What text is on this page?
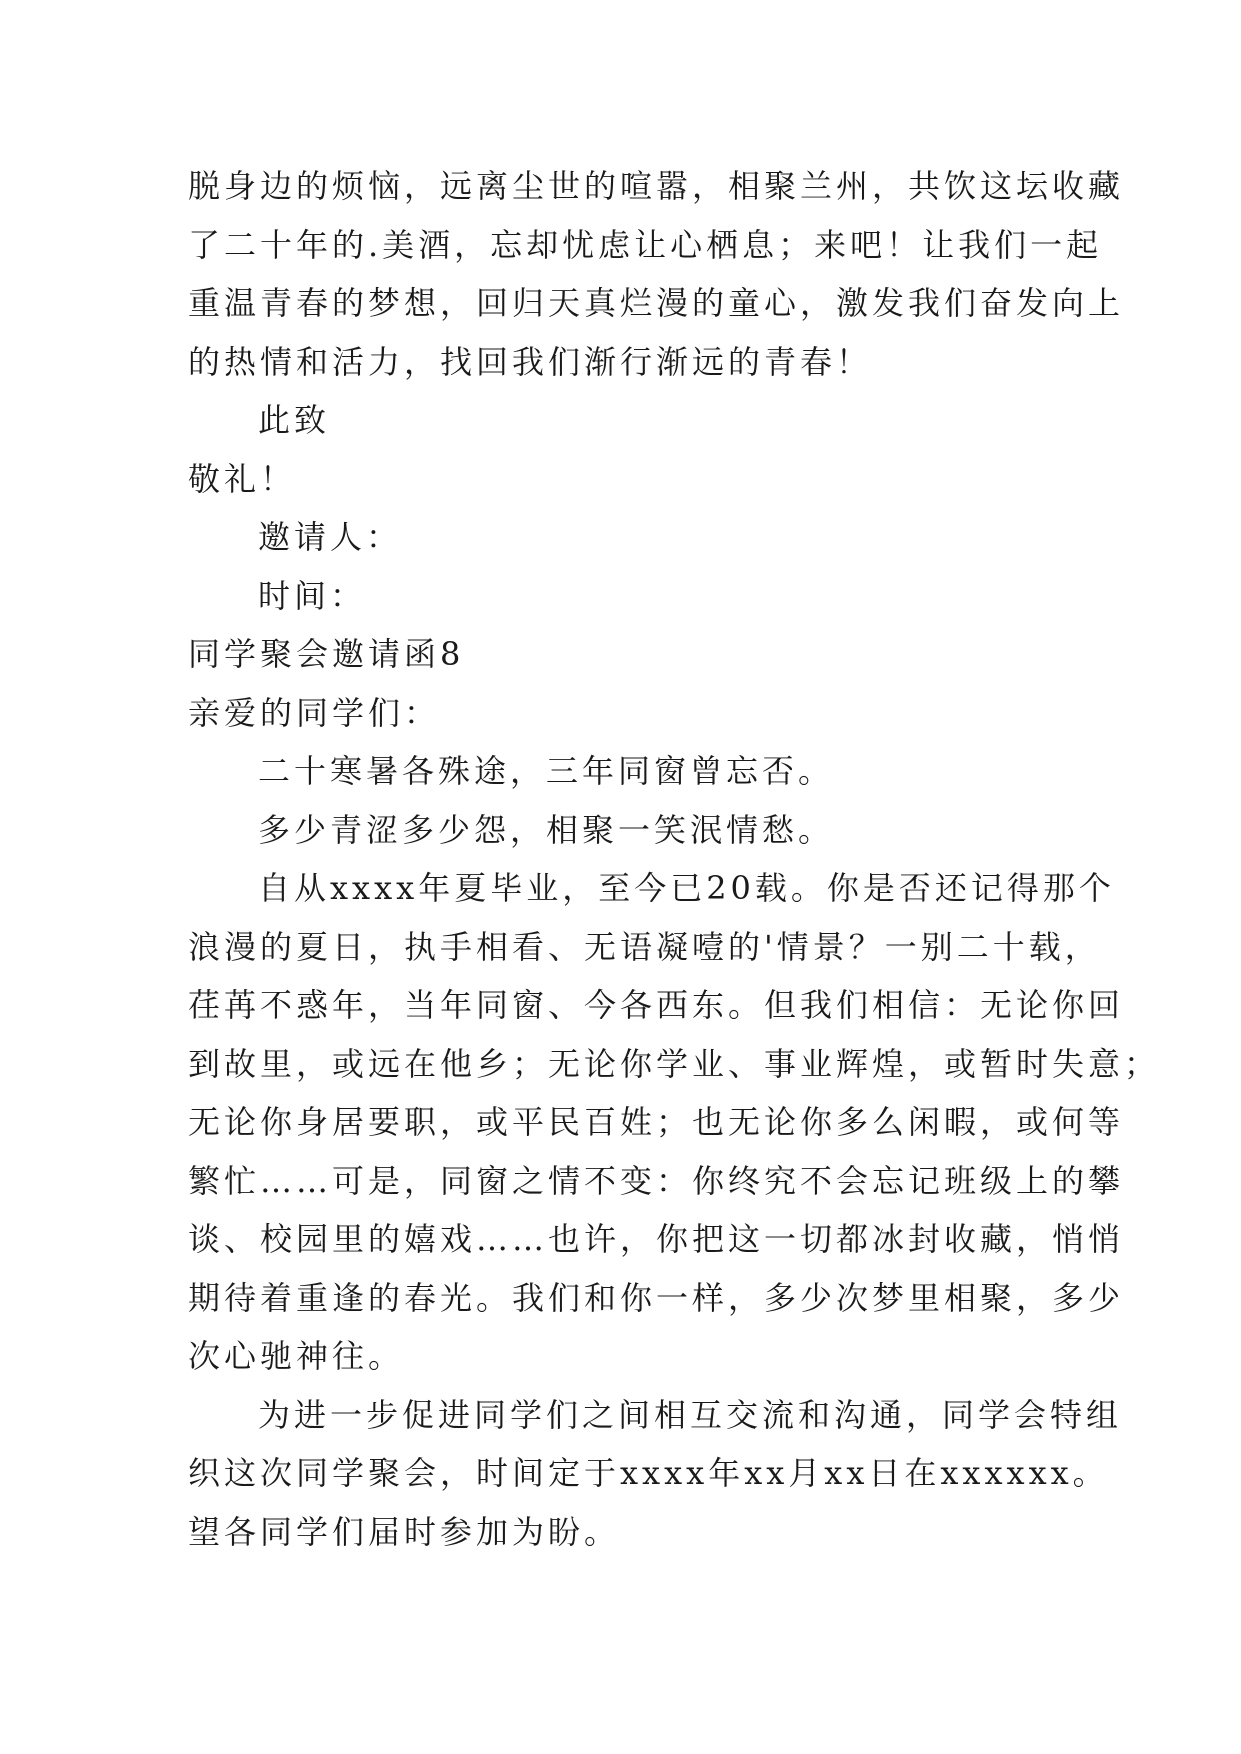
脱身边的烦恼，远离尘世的喧嚣，相聚兰州，共饮这坛收藏
了二十年的.美酒，忘却忧虑让心栖息；来吧！让我们一起
重温青春的梦想，回归天真烂漫的童心，激发我们奋发向上
的热情和活力，找回我们渐行渐远的青春！
此致
敬礼！
邀请人：
时间：
同学聚会邀请函8
亲爱的同学们：
二十寒暑各殊途，三年同窗曾忘否。
多少青涩多少怨，相聚一笑泯情愁。
自从xxxx年夏毕业，至今已20载。你是否还记得那个
浪漫的夏日，执手相看、无语凝噎的'情景？一别二十载，
荏苒不惑年，当年同窗、今各西东。但我们相信：无论你回
到故里，或远在他乡；无论你学业、事业辉煌，或暂时失意；
无论你身居要职，或平民百姓；也无论你多么闲暇，或何等
繁忙……可是，同窗之情不变：你终究不会忘记班级上的攀
谈、校园里的嬉戏……也许，你把这一切都冰封收藏，悄悄
期待着重逢的春光。我们和你一样，多少次梦里相聚，多少
次心驰神往。
为进一步促进同学们之间相互交流和沟通，同学会特组
织这次同学聚会，时间定于xxxx年xx月xx日在xxxxxx。
望各同学们届时参加为盼。
